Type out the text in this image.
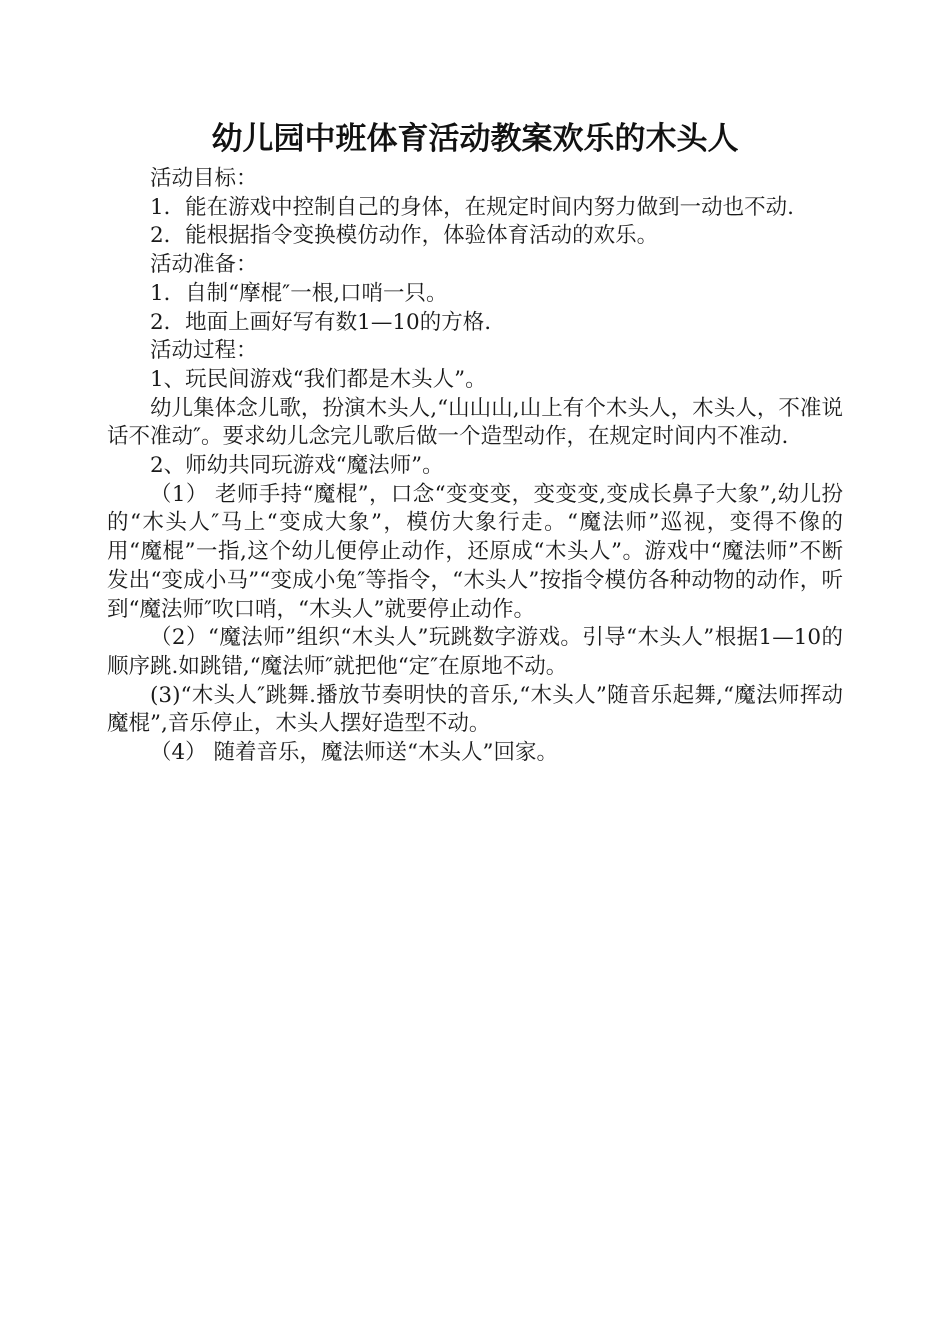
幼儿园中班体育活动教案欢乐的木头人

活动目标：

1．能在游戏中控制自己的身体，在规定时间内努力做到一动也不动.

2．能根据指令变换模仿动作，体验体育活动的欢乐。

活动准备：

1．自制“摩棍″一根,口哨一只。

2．地面上画好写有数1—10的方格.

活动过程：

1、玩民间游戏“我们都是木头人”。

幼儿集体念儿歌，扮演木头人,“山山山,山上有个木头人，木头人，不准说话不准动″。要求幼儿念完儿歌后做一个造型动作，在规定时间内不准动.

2、师幼共同玩游戏“魔法师”。

（1） 老师手持“魔棍”，口念“变变变，变变变,变成长鼻子大象”,幼儿扮的“木头人″马上“变成大象”，模仿大象行走。“魔法师”巡视，变得不像的用“魔棍”一指,这个幼儿便停止动作，还原成“木头人”。游戏中“魔法师”不断发出“变成小马”“变成小兔″等指令，“木头人”按指令模仿各种动物的动作，听到“魔法师″吹口哨，“木头人”就要停止动作。

（2）“魔法师”组织“木头人”玩跳数字游戏。引导“木头人”根据1—10的顺序跳.如跳错,“魔法师″就把他“定″在原地不动。

(3)“木头人″跳舞.播放节奏明快的音乐,“木头人”随音乐起舞,“魔法师挥动魔棍”,音乐停止，木头人摆好造型不动。

（4） 随着音乐，魔法师送“木头人”回家。
